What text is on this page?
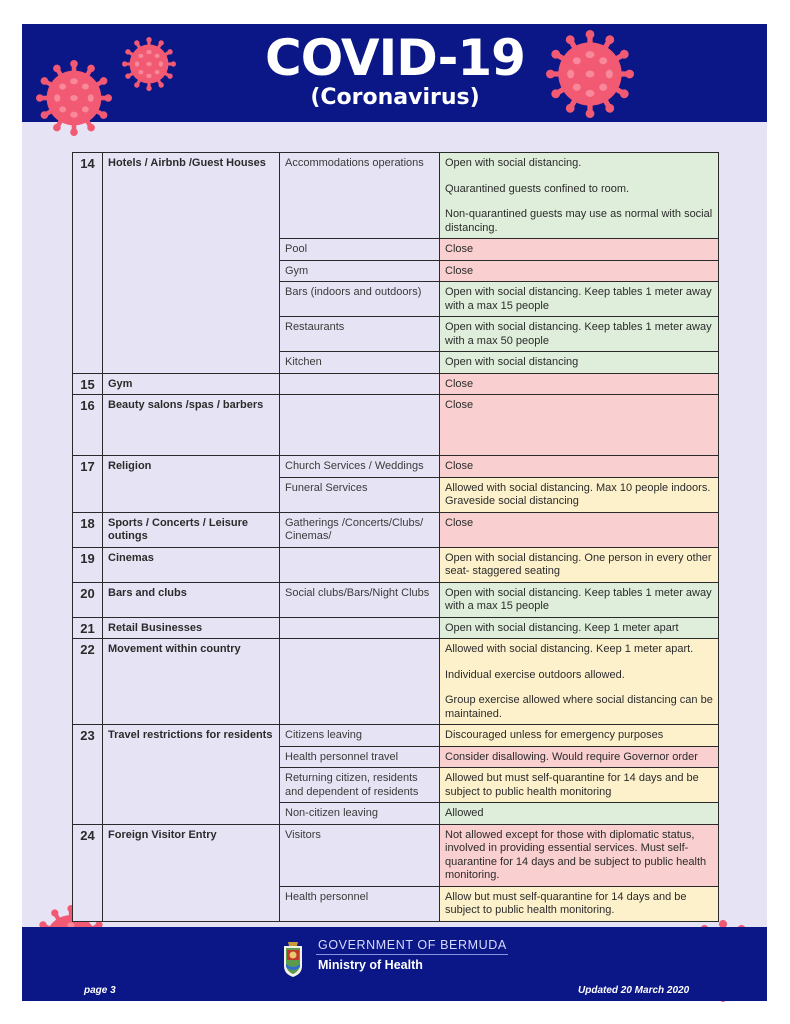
COVID-19
(Coronavirus)
14	Hotels / Airbnb /Guest Houses	Accommodations operations	Open with social distancing.

Quarantined guests confined to room.

Non-quarantined guests may use as normal with social distancing.

		Pool	Close

		Gym	Close

		Bars (indoors and outdoors)	Open with social distancing. Keep tables 1 meter away with a max 15 people

		Restaurants	Open with social distancing. Keep tables 1 meter away with a max 50 people

		Kitchen	Open with social distancing

15	Gym		Close

16	Beauty salons /spas / barbers		Close

17	Religion	Church Services / Weddings	Close

		Funeral Services	Allowed with social distancing. Max 10 people indoors. Graveside social distancing

18	Sports / Concerts / Leisure outings	Gatherings /Concerts/Clubs/ Cinemas/	Close

19	Cinemas		Open with social distancing. One person in every other seat- staggered seating

20	Bars and clubs	Social clubs/Bars/Night Clubs	Open with social distancing. Keep tables 1 meter away with a max 15 people

21	Retail Businesses		Open with social distancing. Keep 1 meter apart

22	Movement within country		Allowed with social distancing. Keep 1 meter apart.

Individual exercise outdoors allowed.

Group exercise allowed where social distancing can be maintained.

23	Travel restrictions for residents	Citizens leaving	Discouraged unless for emergency purposes

		Health personnel travel	Consider disallowing. Would require Governor order

		Returning citizen, residents and dependent of residents	Allowed but must self-quarantine for 14 days and be subject to public health monitoring

		Non-citizen leaving	Allowed

24	Foreign Visitor Entry	Visitors	Not allowed except for those with diplomatic status, involved in providing essential services. Must self-quarantine for 14 days and be subject to public health monitoring.

		Health personnel	Allow but must self-quarantine for 14 days and be subject to public health monitoring.

GOVERNMENT OF BERMUDA
Ministry of Health
page 3	Updated 20 March 2020
